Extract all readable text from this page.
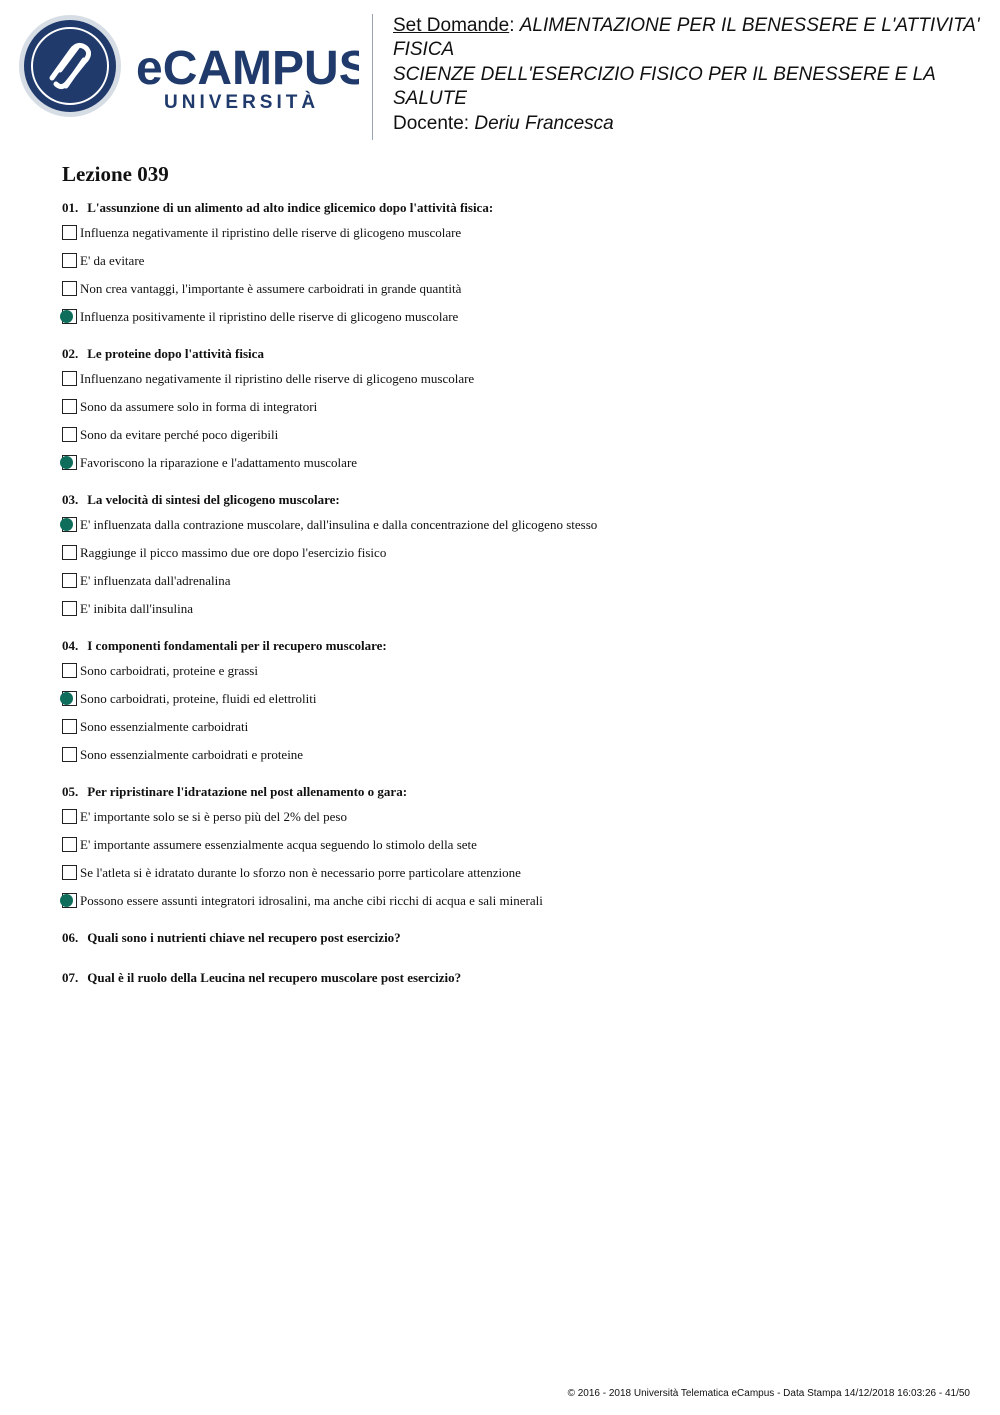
eCAMPUS
UNIVERSITÀ
Set Domande: ALIMENTAZIONE PER IL BENESSERE E L'ATTIVITA' FISICA
SCIENZE DELL'ESERCIZIO FISICO PER IL BENESSERE E LA SALUTE
Docente: Deriu Francesca
Lezione 039
01. L'assunzione di un alimento ad alto indice glicemico dopo l'attività fisica:
Influenza negativamente il ripristino delle riserve di glicogeno muscolare
E' da evitare
Non crea vantaggi, l'importante è assumere carboidrati in grande quantità
Influenza positivamente il ripristino delle riserve di glicogeno muscolare
02. Le proteine dopo l'attività fisica
Influenzano negativamente il ripristino delle riserve di glicogeno muscolare
Sono da assumere solo in forma di integratori
Sono da evitare perché poco digeribili
Favoriscono la riparazione e l'adattamento muscolare
03. La velocità di sintesi del glicogeno muscolare:
E' influenzata dalla contrazione muscolare, dall'insulina e dalla concentrazione del glicogeno stesso
Raggiunge il picco massimo due ore dopo l'esercizio fisico
E' influenzata dall'adrenalina
E' inibita dall'insulina
04. I componenti fondamentali per il recupero muscolare:
Sono carboidrati, proteine e grassi
Sono carboidrati, proteine, fluidi ed elettroliti
Sono essenzialmente carboidrati
Sono essenzialmente carboidrati e proteine
05. Per ripristinare l'idratazione nel post allenamento o gara:
E' importante solo se si è perso più del 2% del peso
E' importante assumere essenzialmente acqua seguendo lo stimolo della sete
Se l'atleta si è idratato durante lo sforzo non è necessario porre particolare attenzione
Possono essere assunti integratori idrosalini, ma anche cibi ricchi di acqua e sali minerali
06. Quali sono i nutrienti chiave nel recupero post esercizio?
07. Qual è il ruolo della Leucina nel recupero muscolare post esercizio?
© 2016 - 2018 Università Telematica eCampus - Data Stampa 14/12/2018 16:03:26 - 41/50
